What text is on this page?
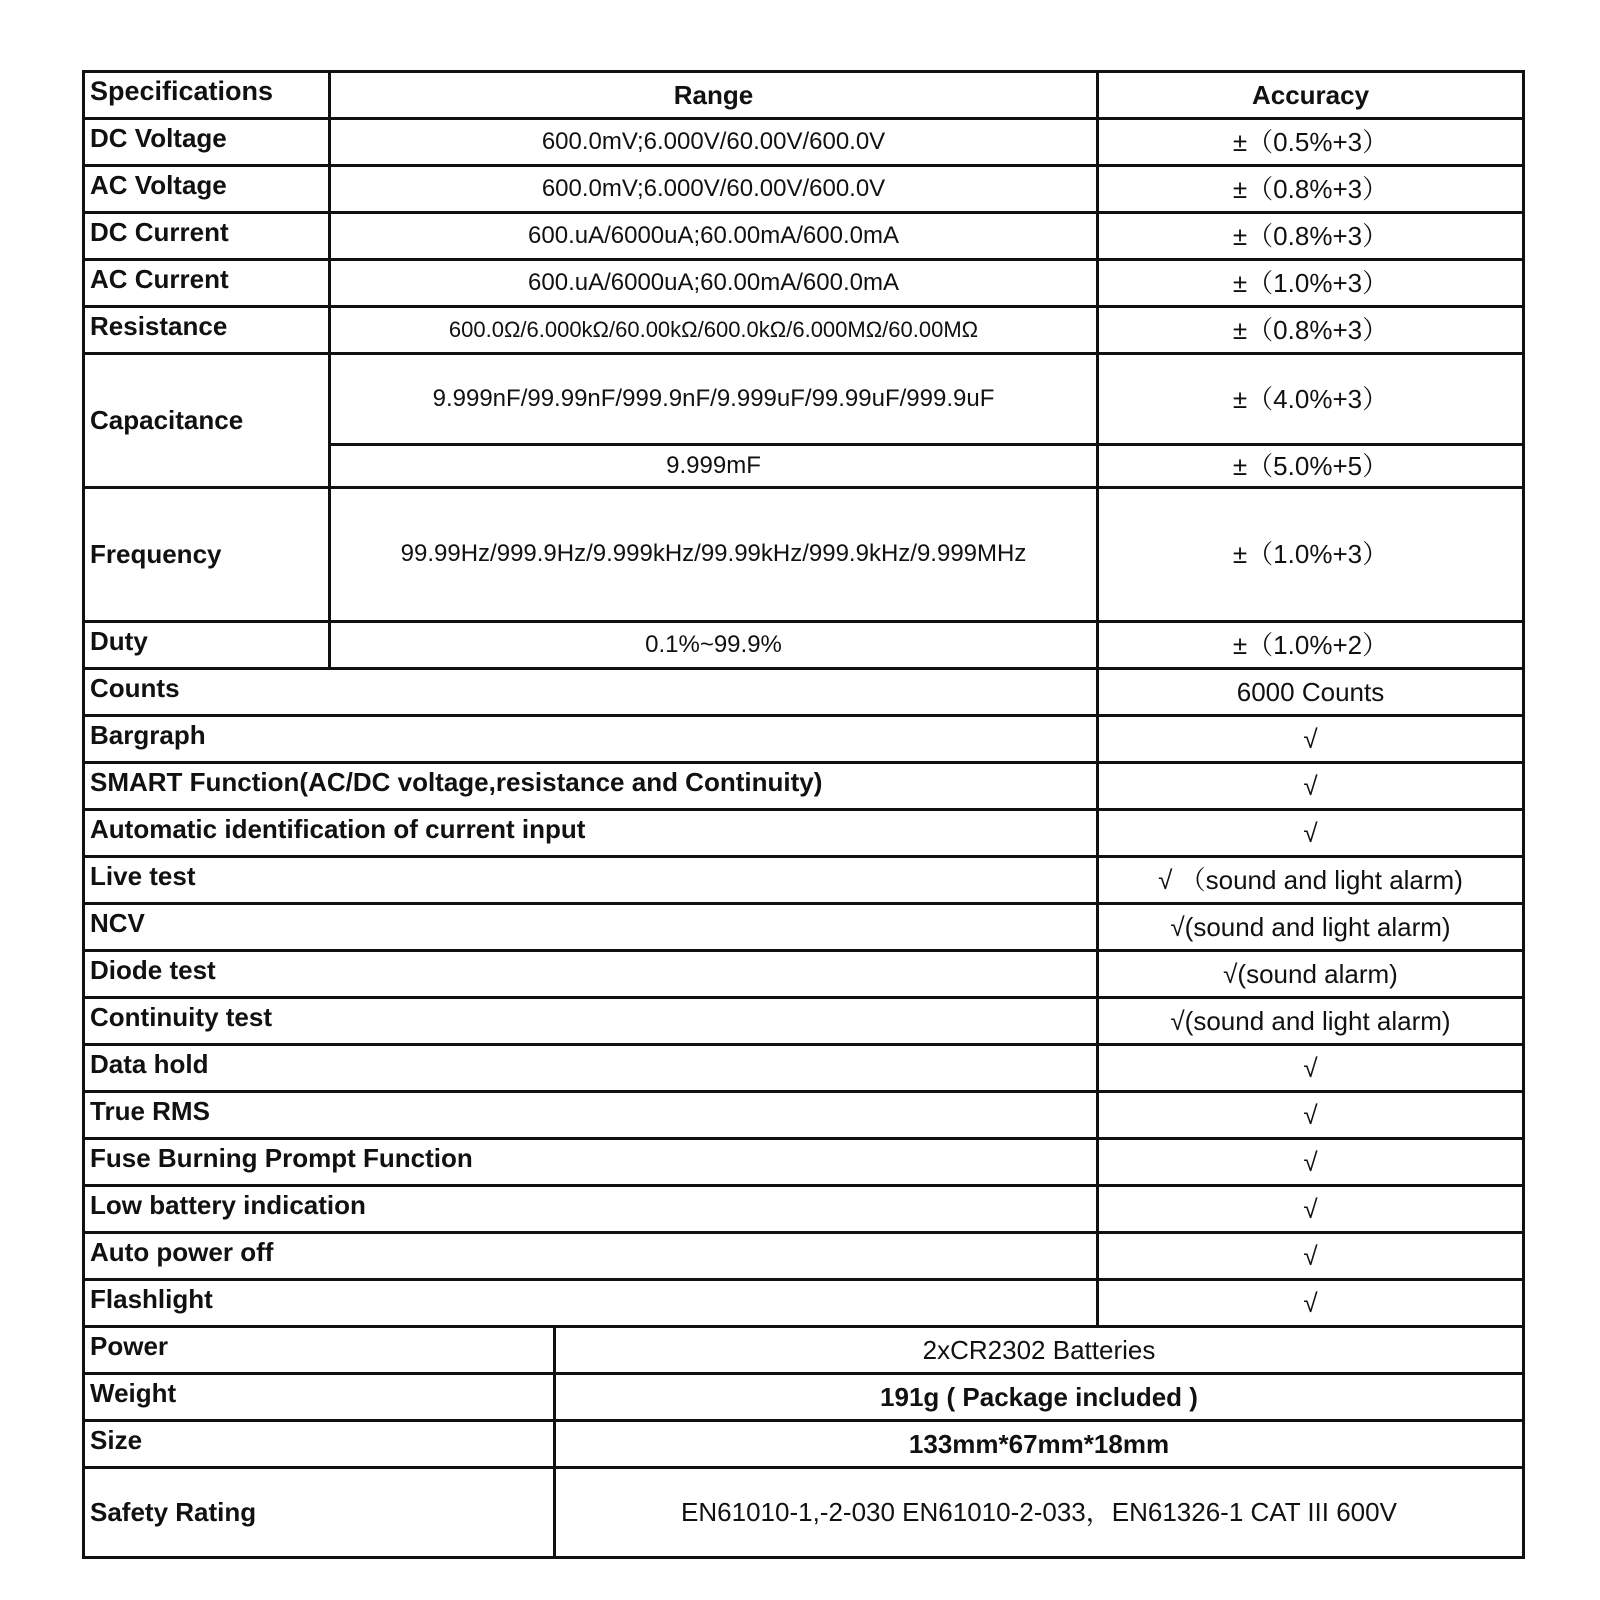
Specifications	Range		Accuracy
DC Voltage	600.0mV;6.000V/60.00V/600.0V		±（0.5%+3）
AC Voltage	600.0mV;6.000V/60.00V/600.0V		±（0.8%+3）
DC Current	600.uA/6000uA;60.00mA/600.0mA		±（0.8%+3）
AC Current	600.uA/6000uA;60.00mA/600.0mA		±（1.0%+3）
Resistance	600.0Ω/6.000kΩ/60.00kΩ/600.0kΩ/6.000MΩ/60.00MΩ		±（0.8%+3）
Capacitance	9.999nF/99.99nF/999.9nF/9.999uF/99.99uF/999.9uF		±（4.0%+3）
	9.999mF		±（5.0%+5）
Frequency	99.99Hz/999.9Hz/9.999kHz/99.99kHz/999.9kHz/9.999MHz		±（1.0%+3）
Duty	0.1%~99.9%		±（1.0%+2）
Counts			6000 Counts
Bargraph			√
SMART Function(AC/DC voltage,resistance and Continuity)			√
Automatic identification of current input			√
Live test			√ （sound and light alarm)
NCV			√(sound and light alarm)
Diode test			√(sound alarm)
Continuity test			√(sound and light alarm)
Data hold			√
True RMS			√
Fuse Burning Prompt Function			√
Low battery indication			√
Auto power off			√
Flashlight			√
Power		2xCR2302 Batteries	
Weight		191g ( Package included )	
Size		133mm*67mm*18mm	
Safety Rating		EN61010-1,-2-030 EN61010-2-033，EN61326-1 CAT III 600V	
